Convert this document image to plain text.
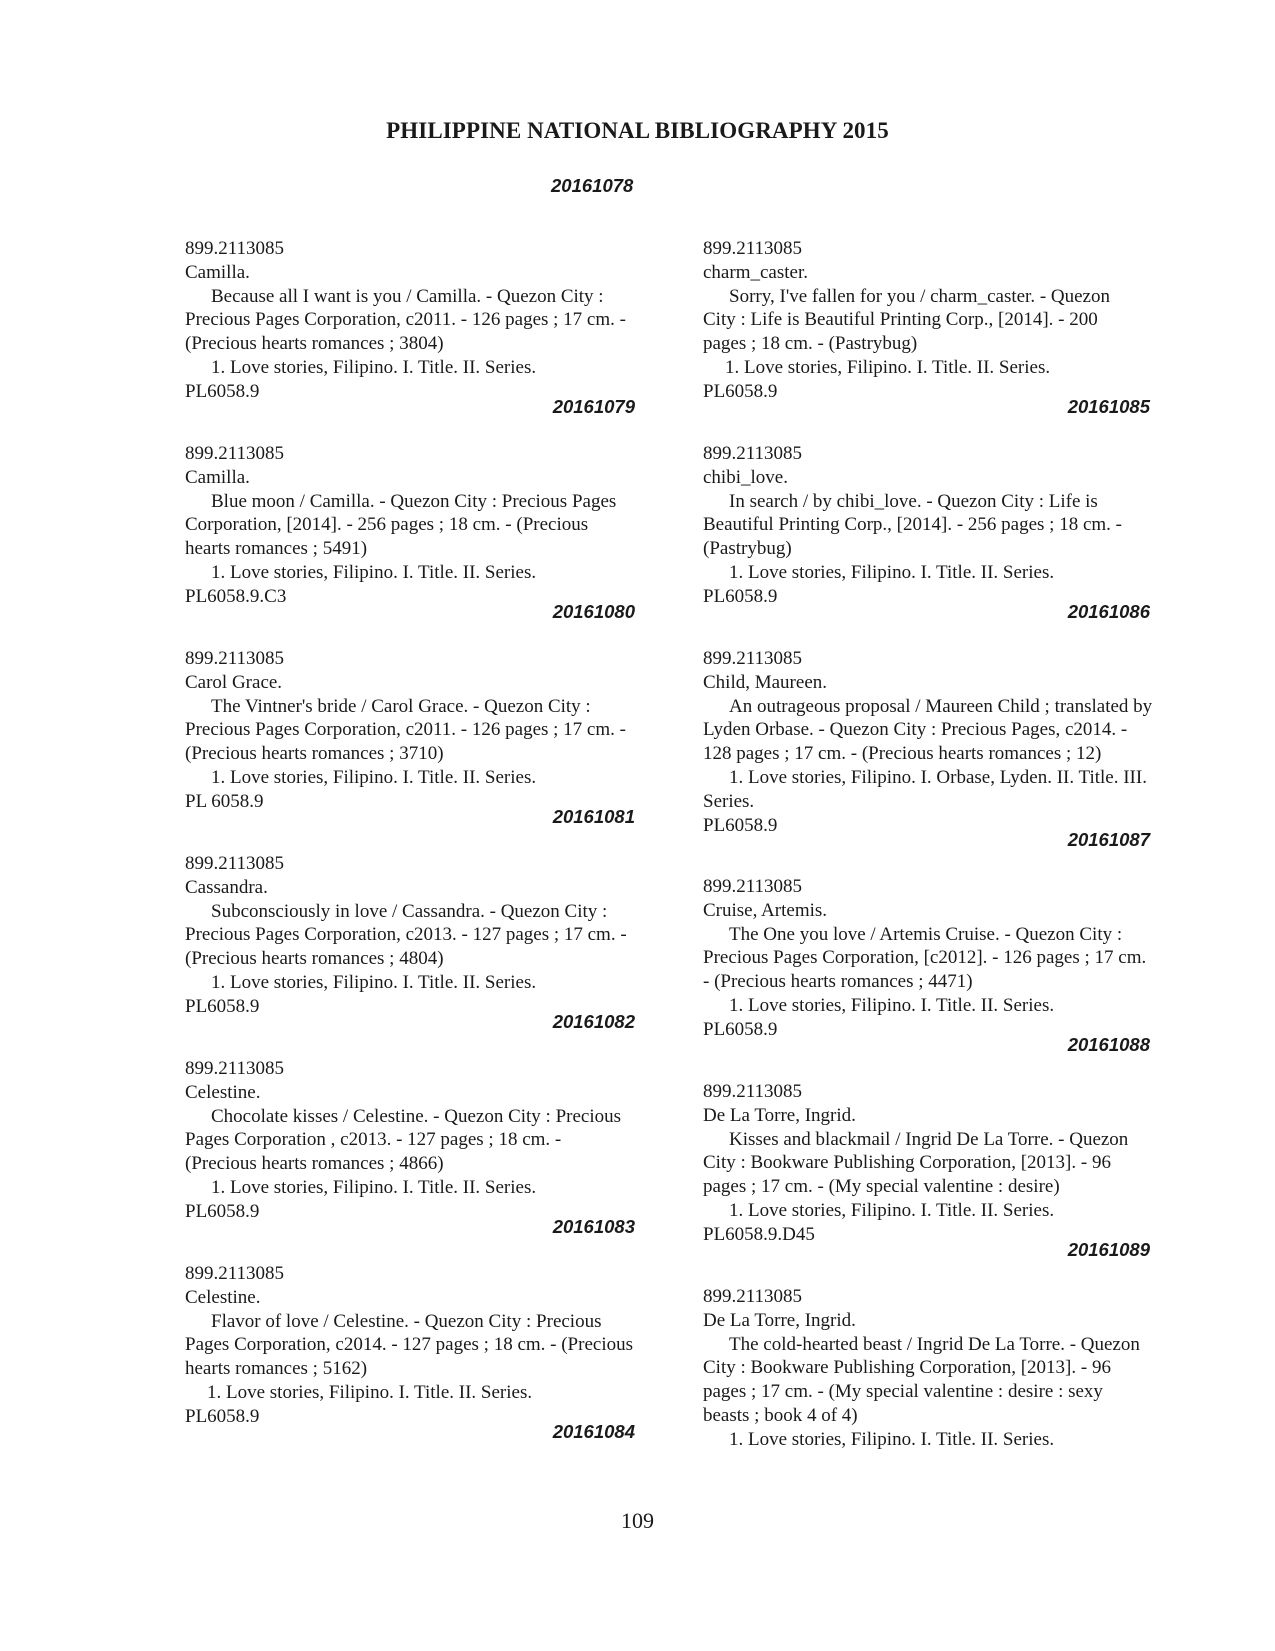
PHILIPPINE NATIONAL BIBLIOGRAPHY 2015
20161078
899.2113085
Camilla.
Because all I want is you / Camilla. - Quezon City :
Precious Pages Corporation, c2011. - 126 pages ; 17 cm. -
(Precious hearts romances ; 3804)
1. Love stories, Filipino. I. Title. II. Series.
PL6058.9
20161079
899.2113085
Camilla.
Blue moon / Camilla. - Quezon City : Precious Pages
Corporation, [2014]. - 256 pages ; 18 cm. - (Precious
hearts romances ; 5491)
1. Love stories, Filipino. I. Title. II. Series.
PL6058.9.C3
20161080
899.2113085
Carol Grace.
The Vintner's bride / Carol Grace. - Quezon City :
Precious Pages Corporation, c2011. - 126 pages ; 17 cm. -
(Precious hearts romances ; 3710)
1. Love stories, Filipino. I. Title. II. Series.
PL 6058.9
20161081
899.2113085
Cassandra.
Subconsciously in love / Cassandra. - Quezon City :
Precious Pages Corporation, c2013. - 127 pages ; 17 cm. -
(Precious hearts romances ; 4804)
1. Love stories, Filipino. I. Title. II. Series.
PL6058.9
20161082
899.2113085
Celestine.
Chocolate kisses / Celestine. - Quezon City : Precious
Pages Corporation , c2013. - 127 pages ; 18 cm. -
(Precious hearts romances ; 4866)
1. Love stories, Filipino. I. Title. II. Series.
PL6058.9
20161083
899.2113085
Celestine.
Flavor of love / Celestine. - Quezon City : Precious
Pages Corporation, c2014. - 127 pages ; 18 cm. - (Precious
hearts romances ; 5162)
1. Love stories, Filipino. I. Title. II. Series.
PL6058.9
20161084
899.2113085
charm_caster.
Sorry, I've fallen for you / charm_caster. - Quezon
City : Life is Beautiful Printing Corp., [2014]. - 200
pages ; 18 cm. - (Pastrybug)
1. Love stories, Filipino. I. Title. II. Series.
PL6058.9
20161085
899.2113085
chibi_love.
In search / by chibi_love. - Quezon City : Life is
Beautiful Printing Corp., [2014]. - 256 pages ; 18 cm. -
(Pastrybug)
1. Love stories, Filipino. I. Title. II. Series.
PL6058.9
20161086
899.2113085
Child, Maureen.
An outrageous proposal / Maureen Child ; translated by
Lyden Orbase. - Quezon City : Precious Pages, c2014. -
128 pages ; 17 cm. - (Precious hearts romances ; 12)
1. Love stories, Filipino. I. Orbase, Lyden. II. Title. III.
Series.
PL6058.9
20161087
899.2113085
Cruise, Artemis.
The One you love / Artemis Cruise. - Quezon City :
Precious Pages Corporation, [c2012]. - 126 pages ; 17 cm.
- (Precious hearts romances ; 4471)
1. Love stories, Filipino. I. Title. II. Series.
PL6058.9
20161088
899.2113085
De La Torre, Ingrid.
Kisses and blackmail / Ingrid De La Torre. - Quezon
City : Bookware Publishing Corporation, [2013]. - 96
pages ; 17 cm. - (My special valentine : desire)
1. Love stories, Filipino. I. Title. II. Series.
PL6058.9.D45
20161089
899.2113085
De La Torre, Ingrid.
The cold-hearted beast / Ingrid De La Torre. - Quezon
City : Bookware Publishing Corporation, [2013]. - 96
pages ; 17 cm. - (My special valentine : desire : sexy
beasts ; book 4 of 4)
1. Love stories, Filipino. I. Title. II. Series.
109
